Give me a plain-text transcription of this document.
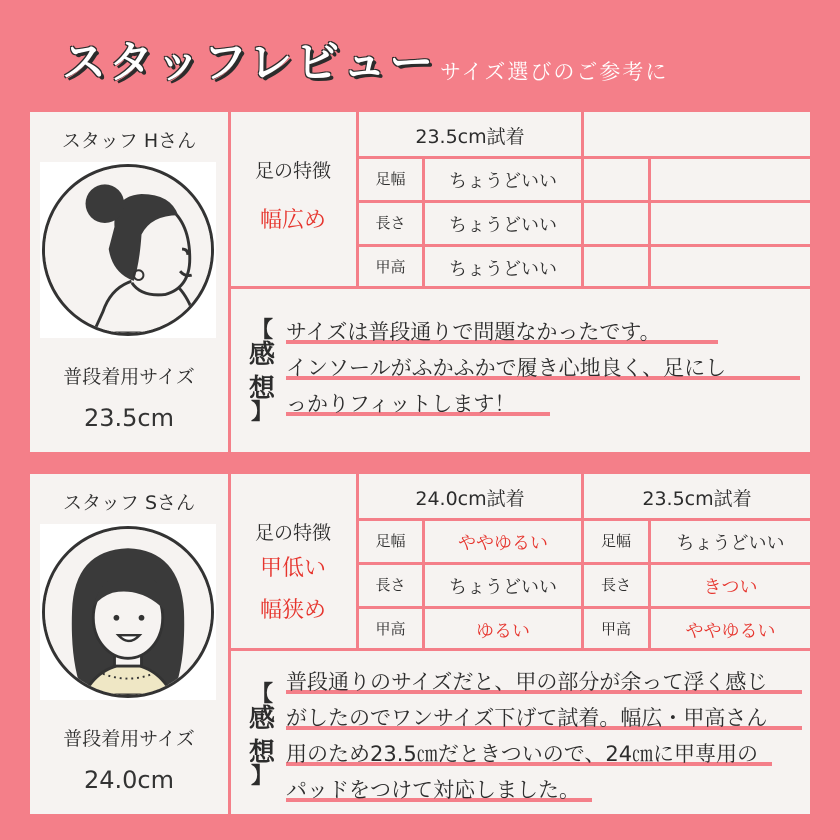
スタッフレビュー サイズ選びのご参考に
スタッフ Hさん
普段着用サイズ
23.5cm
足の特徴
幅広め
23.5cm試着
足幅
長さ
甲高
ちょうどいい
ちょうどいい
ちょうどいい
【
感想
】
サイズは普段通りで問題なかったです。
インソールがふかふかで履き心地良く、足にし
っかりフィットします！
スタッフ Sさん
普段着用サイズ
24.0cm
足の特徴
甲低い
幅狭め
24.0cm試着	23.5cm試着
足幅
長さ
甲高
ややゆるい
ちょうどいい
ゆるい
足幅
長さ
甲高
ちょうどいい
きつい
ややゆるい
【
感想
】
普段通りのサイズだと、甲の部分が余って浮く感じ
がしたのでワンサイズ下げて試着。幅広・甲高さん
用のため23.5㎝だときついので、24㎝に甲専用の
パッドをつけて対応しました。
